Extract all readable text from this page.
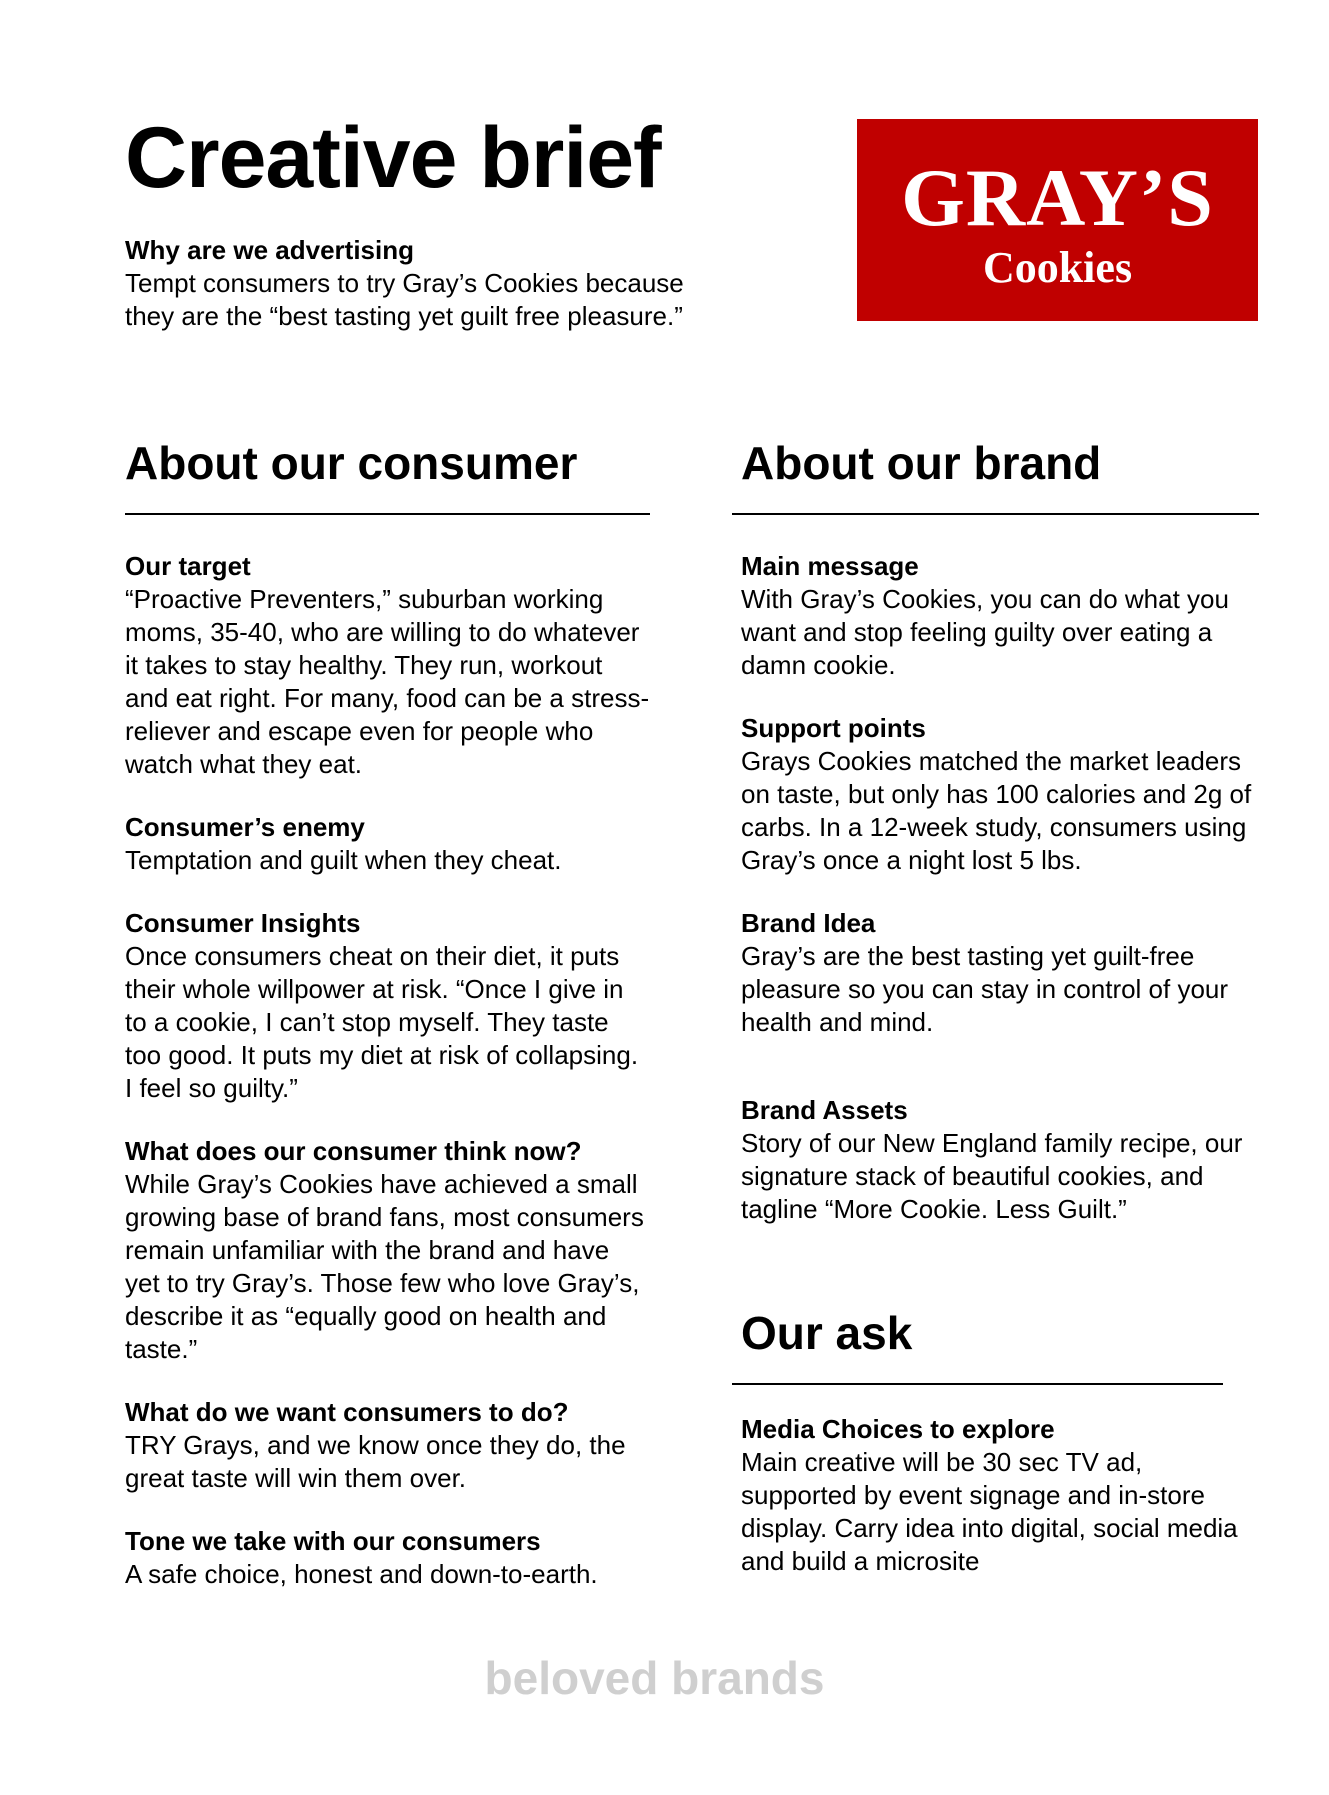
Creative brief	GRAY’S
Cookies

Why are we advertising

Tempt consumers to try Gray’s Cookies because they are the “best tasting yet guilt free pleasure.”

About our consumer

Our target

“Proactive Preventers,” suburban working moms, 35-40, who are willing to do whatever it takes to stay healthy. They run, workout and eat right. For many, food can be a stress-reliever and escape even for people who watch what they eat.

Consumer’s enemy

Temptation and guilt when they cheat.

Consumer Insights

Once consumers cheat on their diet, it puts their whole willpower at risk. “Once I give in to a cookie, I can’t stop myself. They taste too good. It puts my diet at risk of collapsing. I feel so guilty.”

What does our consumer think now?

While Gray’s Cookies have achieved a small growing base of brand fans, most consumers remain unfamiliar with the brand and have yet to try Gray’s. Those few who love Gray’s, describe it as “equally good on health and taste.”

What do we want consumers to do?

TRY Grays, and we know once they do, the great taste will win them over.

Tone we take with our consumers

A safe choice, honest and down-to-earth.

About our brand

Main message

With Gray’s Cookies, you can do what you want and stop feeling guilty over eating a damn cookie.

Support points

Grays Cookies matched the market leaders on taste, but only has 100 calories and 2g of carbs. In a 12-week study, consumers using Gray’s once a night lost 5 lbs.

Brand Idea

Gray’s are the best tasting yet guilt-free pleasure so you can stay in control of your health and mind.

Brand Assets

Story of our New England family recipe, our signature stack of beautiful cookies, and tagline “More Cookie. Less Guilt.”

Our ask

Media Choices to explore

Main creative will be 30 sec TV ad, supported by event signage and in-store display. Carry idea into digital, social media and build a microsite

beloved brands
